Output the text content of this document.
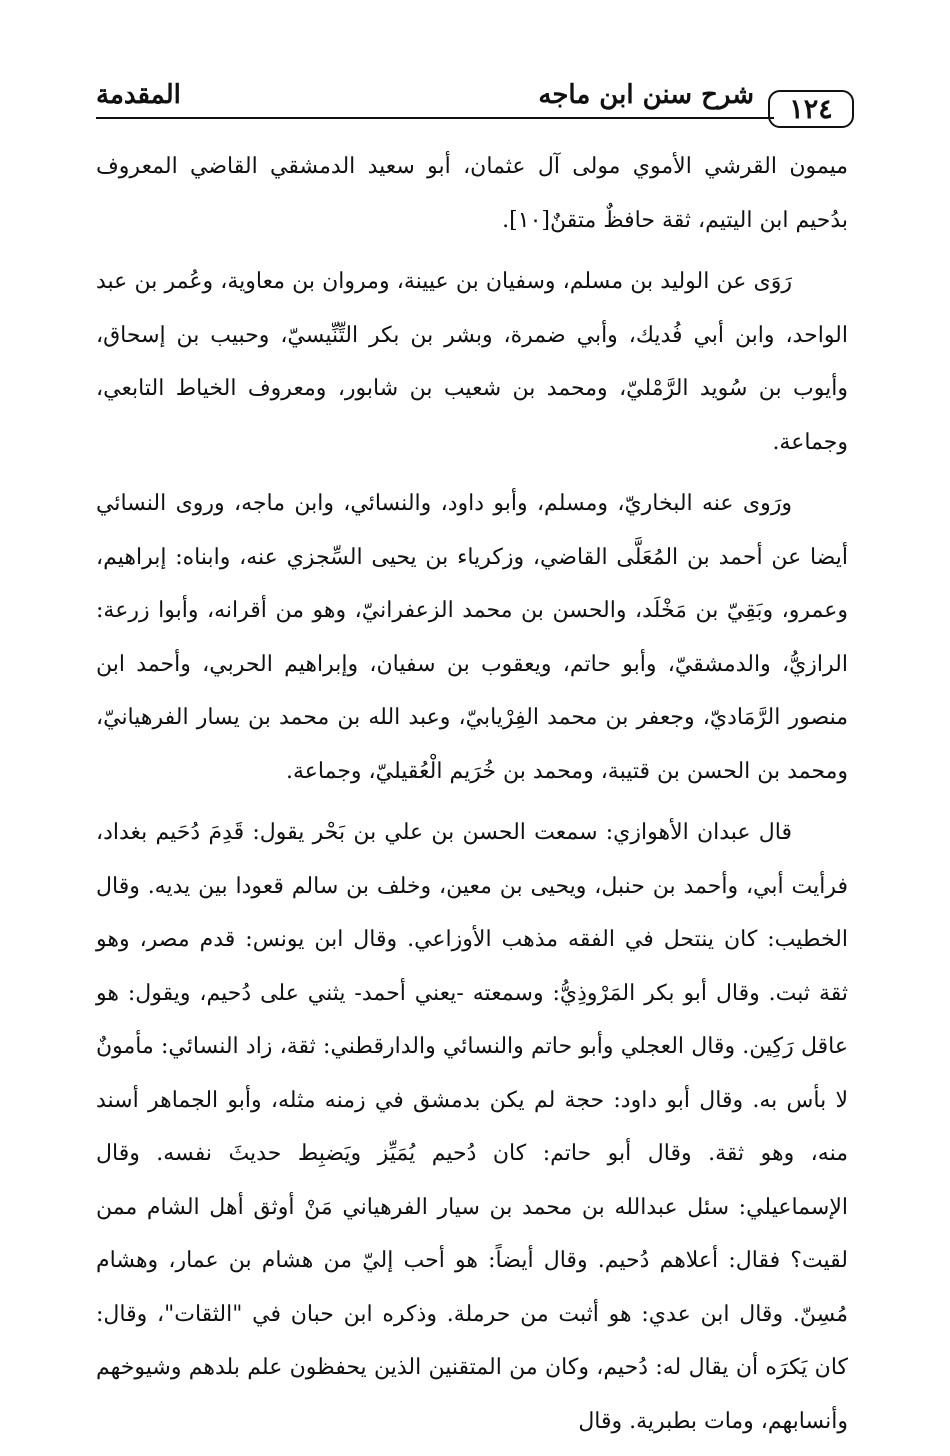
١٢٤
شرح سنن ابن ماجه
المقدمة

ميمون القرشي الأموي مولى آل عثمان، أبو سعيد الدمشقي القاضي المعروف بدُحيم ابن اليتيم، ثقة حافظٌ متقنٌ[١٠].

رَوَى عن الوليد بن مسلم، وسفيان بن عيينة، ومروان بن معاوية، وعُمر بن عبد الواحد، وابن أبي فُديك، وأبي ضمرة، وبشر بن بكر التِّنِّيسيّ، وحبيب بن إسحاق، وأيوب بن سُويد الرَّمْليّ، ومحمد بن شعيب بن شابور، ومعروف الخياط التابعي، وجماعة.

ورَوى عنه البخاريّ، ومسلم، وأبو داود، والنسائي، وابن ماجه، وروى النسائي أيضا عن أحمد بن المُعَلَّى القاضي، وزكرياء بن يحيى السِّجزي عنه، وابناه: إبراهيم، وعمرو، وبَقِيّ بن مَخْلَد، والحسن بن محمد الزعفرانيّ، وهو من أقرانه، وأبوا زرعة: الرازيُّ، والدمشقيّ، وأبو حاتم، ويعقوب بن سفيان، وإبراهيم الحربي، وأحمد ابن منصور الرَّمَاديّ، وجعفر بن محمد الفِرْيابيّ، وعبد الله بن محمد بن يسار الفرهيانيّ، ومحمد بن الحسن بن قتيبة، ومحمد بن خُرَيم الْعُقيليّ، وجماعة.

قال عبدان الأهوازي: سمعت الحسن بن علي بن بَحْر يقول: قَدِمَ دُحَيم بغداد، فرأيت أبي، وأحمد بن حنبل، ويحيى بن معين، وخلف بن سالم قعودا بين يديه. وقال الخطيب: كان ينتحل في الفقه مذهب الأوزاعي. وقال ابن يونس: قدم مصر، وهو ثقة ثبت. وقال أبو بكر المَرْوذِيُّ: وسمعته -يعني أحمد- يثني على دُحيم، ويقول: هو عاقل رَكِين. وقال العجلي وأبو حاتم والنسائي والدارقطني: ثقة، زاد النسائي: مأمونٌ لا بأس به. وقال أبو داود: حجة لم يكن بدمشق في زمنه مثله، وأبو الجماهر أسند منه، وهو ثقة. وقال أبو حاتم: كان دُحيم يُمَيِّز ويَضبِط حديثَ نفسه. وقال الإسماعيلي: سئل عبدالله بن محمد بن سيار الفرهياني مَنْ أوثق أهل الشام ممن لقيت؟ فقال: أعلاهم دُحيم. وقال أيضاً: هو أحب إليّ من هشام بن عمار، وهشام مُسِنّ. وقال ابن عدي: هو أثبت من حرملة. وذكره ابن حبان في "الثقات"، وقال: كان يَكرَه أن يقال له: دُحيم، وكان من المتقنين الذين يحفظون علم بلدهم وشيوخهم وأنسابهم، ومات بطبرية. وقال
